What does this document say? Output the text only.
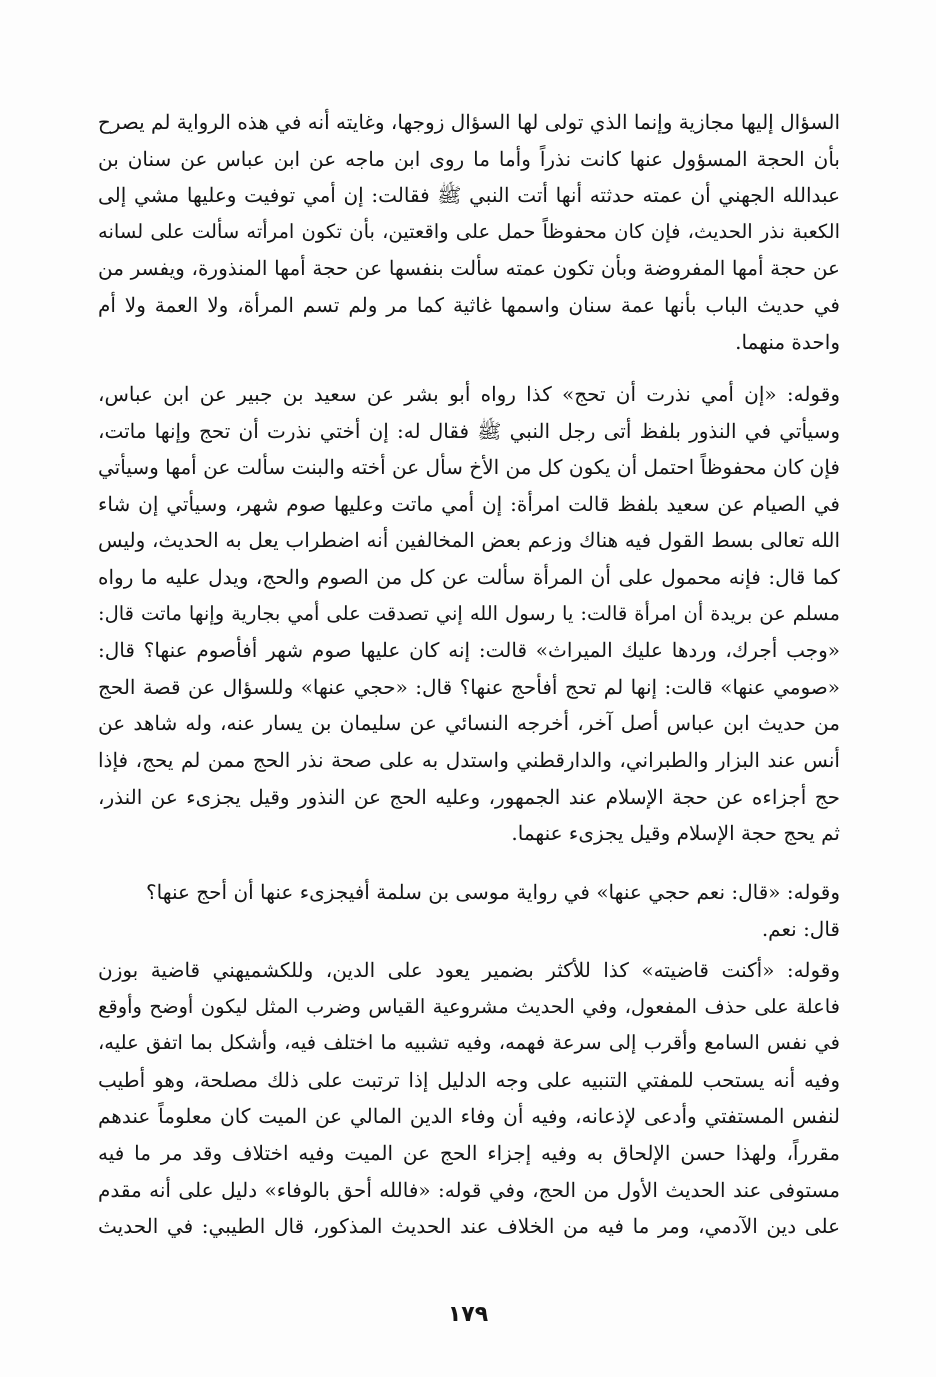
السؤال إليها مجازية وإنما الذي تولى لها السؤال زوجها، وغايته أنه في هذه الرواية لم يصرح
بأن الحجة المسؤول عنها كانت نذراً وأما ما روى ابن ماجه عن ابن عباس عن سنان بن
عبدالله الجهني أن عمته حدثته أنها أتت النبي ﷺ فقالت: إن أمي توفيت وعليها مشي إلى
الكعبة نذر الحديث، فإن كان محفوظاً حمل على واقعتين، بأن تكون امرأته سألت على لسانه
عن حجة أمها المفروضة وبأن تكون عمته سألت بنفسها عن حجة أمها المنذورة، ويفسر من
في حديث الباب بأنها عمة سنان واسمها غاثية كما مر ولم تسم المرأة، ولا العمة ولا أم
واحدة منهما.
وقوله: «إن أمي نذرت أن تحج» كذا رواه أبو بشر عن سعيد بن جبير عن ابن عباس،
وسيأتي في النذور بلفظ أتى رجل النبي ﷺ فقال له: إن أختي نذرت أن تحج وإنها ماتت،
فإن كان محفوظاً احتمل أن يكون كل من الأخ سأل عن أخته والبنت سألت عن أمها وسيأتي
في الصيام عن سعيد بلفظ قالت امرأة: إن أمي ماتت وعليها صوم شهر، وسيأتي إن شاء
الله تعالى بسط القول فيه هناك وزعم بعض المخالفين أنه اضطراب يعل به الحديث، وليس
كما قال: فإنه محمول على أن المرأة سألت عن كل من الصوم والحج، ويدل عليه ما رواه
مسلم عن بريدة أن امرأة قالت: يا رسول الله إني تصدقت على أمي بجارية وإنها ماتت قال:
«وجب أجرك، وردها عليك الميراث» قالت: إنه كان عليها صوم شهر أفأصوم عنها؟ قال:
«صومي عنها» قالت: إنها لم تحج أفأحج عنها؟ قال: «حجي عنها» وللسؤال عن قصة الحج
من حديث ابن عباس أصل آخر، أخرجه النسائي عن سليمان بن يسار عنه، وله شاهد عن
أنس عند البزار والطبراني، والدارقطني واستدل به على صحة نذر الحج ممن لم يحج، فإذا
حج أجزاءه عن حجة الإسلام عند الجمهور، وعليه الحج عن النذور وقيل يجزىء عن النذر،
ثم يحج حجة الإسلام وقيل يجزىء عنهما.
وقوله: «قال: نعم حجي عنها» في رواية موسى بن سلمة أفيجزىء عنها أن أحج عنها؟
قال: نعم.
وقوله: «أكنت قاضيته» كذا للأكثر بضمير يعود على الدين، وللكشميهني قاضية بوزن
فاعلة على حذف المفعول، وفي الحديث مشروعية القياس وضرب المثل ليكون أوضح وأوقع
في نفس السامع وأقرب إلى سرعة فهمه، وفيه تشبيه ما اختلف فيه، وأشكل بما اتفق عليه،
وفيه أنه يستحب للمفتي التنبيه على وجه الدليل إذا ترتبت على ذلك مصلحة، وهو أطيب
لنفس المستفتي وأدعى لإذعانه، وفيه أن وفاء الدين المالي عن الميت كان معلوماً عندهم
مقرراً، ولهذا حسن الإلحاق به وفيه إجزاء الحج عن الميت وفيه اختلاف وقد مر ما فيه
مستوفى عند الحديث الأول من الحج، وفي قوله: «فالله أحق بالوفاء» دليل على أنه مقدم
على دين الآدمي، ومر ما فيه من الخلاف عند الحديث المذكور، قال الطيبي: في الحديث
١٧٩
